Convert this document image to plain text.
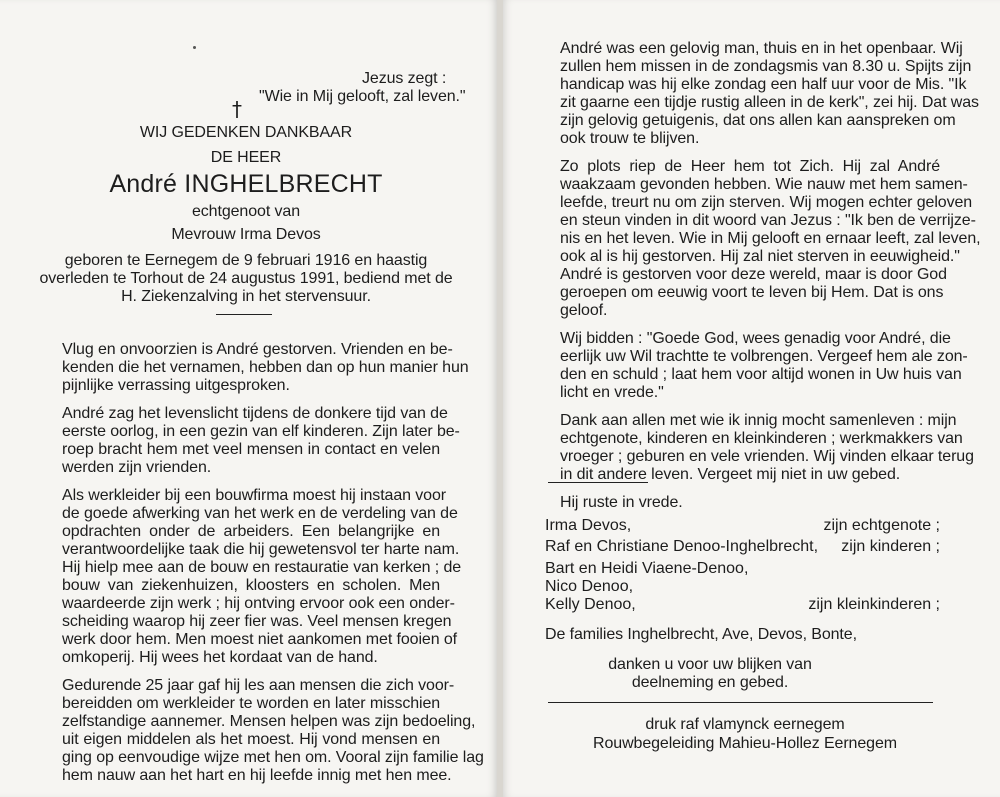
Jezus zegt :
"Wie in Mij gelooft, zal leven."
†
WIJ GEDENKEN DANKBAAR
DE HEER
André INGHELBRECHT
echtgenoot van
Mevrouw Irma Devos
geboren te Eernegem de 9 februari 1916 en haastig
overleden te Torhout de 24 augustus 1991, bediend met de
H. Ziekenzalving in het stervensuur.
Vlug en onvoorzien is André gestorven. Vrienden en be-
kenden die het vernamen, hebben dan op hun manier hun
pijnlijke verrassing uitgesproken.
André zag het levenslicht tijdens de donkere tijd van de
eerste oorlog, in een gezin van elf kinderen. Zijn later be-
roep bracht hem met veel mensen in contact en velen
werden zijn vrienden.
Als werkleider bij een bouwfirma moest hij instaan voor
de goede afwerking van het werk en de verdeling van de
opdrachten onder de arbeiders. Een belangrijke en
verantwoordelijke taak die hij gewetensvol ter harte nam.
Hij hielp mee aan de bouw en restauratie van kerken ; de
bouw van ziekenhuizen, kloosters en scholen. Men
waardeerde zijn werk ; hij ontving ervoor ook een onder-
scheiding waarop hij zeer fier was. Veel mensen kregen
werk door hem. Men moest niet aankomen met fooien of
omkoperij. Hij wees het kordaat van de hand.
Gedurende 25 jaar gaf hij les aan mensen die zich voor-
bereidden om werkleider te worden en later misschien
zelfstandige aannemer. Mensen helpen was zijn bedoeling,
uit eigen middelen als het moest. Hij vond mensen en
ging op eenvoudige wijze met hen om. Vooral zijn familie lag
hem nauw aan het hart en hij leefde innig met hen mee.
André was een gelovig man, thuis en in het openbaar. Wij
zullen hem missen in de zondagsmis van 8.30 u. Spijts zijn
handicap was hij elke zondag een half uur voor de Mis. "Ik
zit gaarne een tijdje rustig alleen in de kerk", zei hij. Dat was
zijn gelovig getuigenis, dat ons allen kan aanspreken om
ook trouw te blijven.
Zo plots riep de Heer hem tot Zich. Hij zal André
waakzaam gevonden hebben. Wie nauw met hem samen-
leefde, treurt nu om zijn sterven. Wij mogen echter geloven
en steun vinden in dit woord van Jezus : "Ik ben de verrijze-
nis en het leven. Wie in Mij gelooft en ernaar leeft, zal leven,
ook al is hij gestorven. Hij zal niet sterven in eeuwigheid."
André is gestorven voor deze wereld, maar is door God
geroepen om eeuwig voort te leven bij Hem. Dat is ons
geloof.
Wij bidden : "Goede God, wees genadig voor André, die
eerlijk uw Wil trachtte te volbrengen. Vergeef hem ale zon-
den en schuld ; laat hem voor altijd wonen in Uw huis van
licht en vrede."
Dank aan allen met wie ik innig mocht samenleven : mijn
echtgenote, kinderen en kleinkinderen ; werkmakkers van
vroeger ; geburen en vele vrienden. Wij vinden elkaar terug
in dit andere leven. Vergeet mij niet in uw gebed.
Hij ruste in vrede.
Irma Devos,	zijn echtgenote ;
Raf en Christiane Denoo-Inghelbrecht, zijn kinderen ;
Bart en Heidi Viaene-Denoo,
Nico Denoo,
Kelly Denoo,	zijn kleinkinderen ;
De families Inghelbrecht, Ave, Devos, Bonte,
danken u voor uw blijken van
deelneming en gebed.
druk raf vlamynck eernegem
Rouwbegeleiding Mahieu-Hollez Eernegem
